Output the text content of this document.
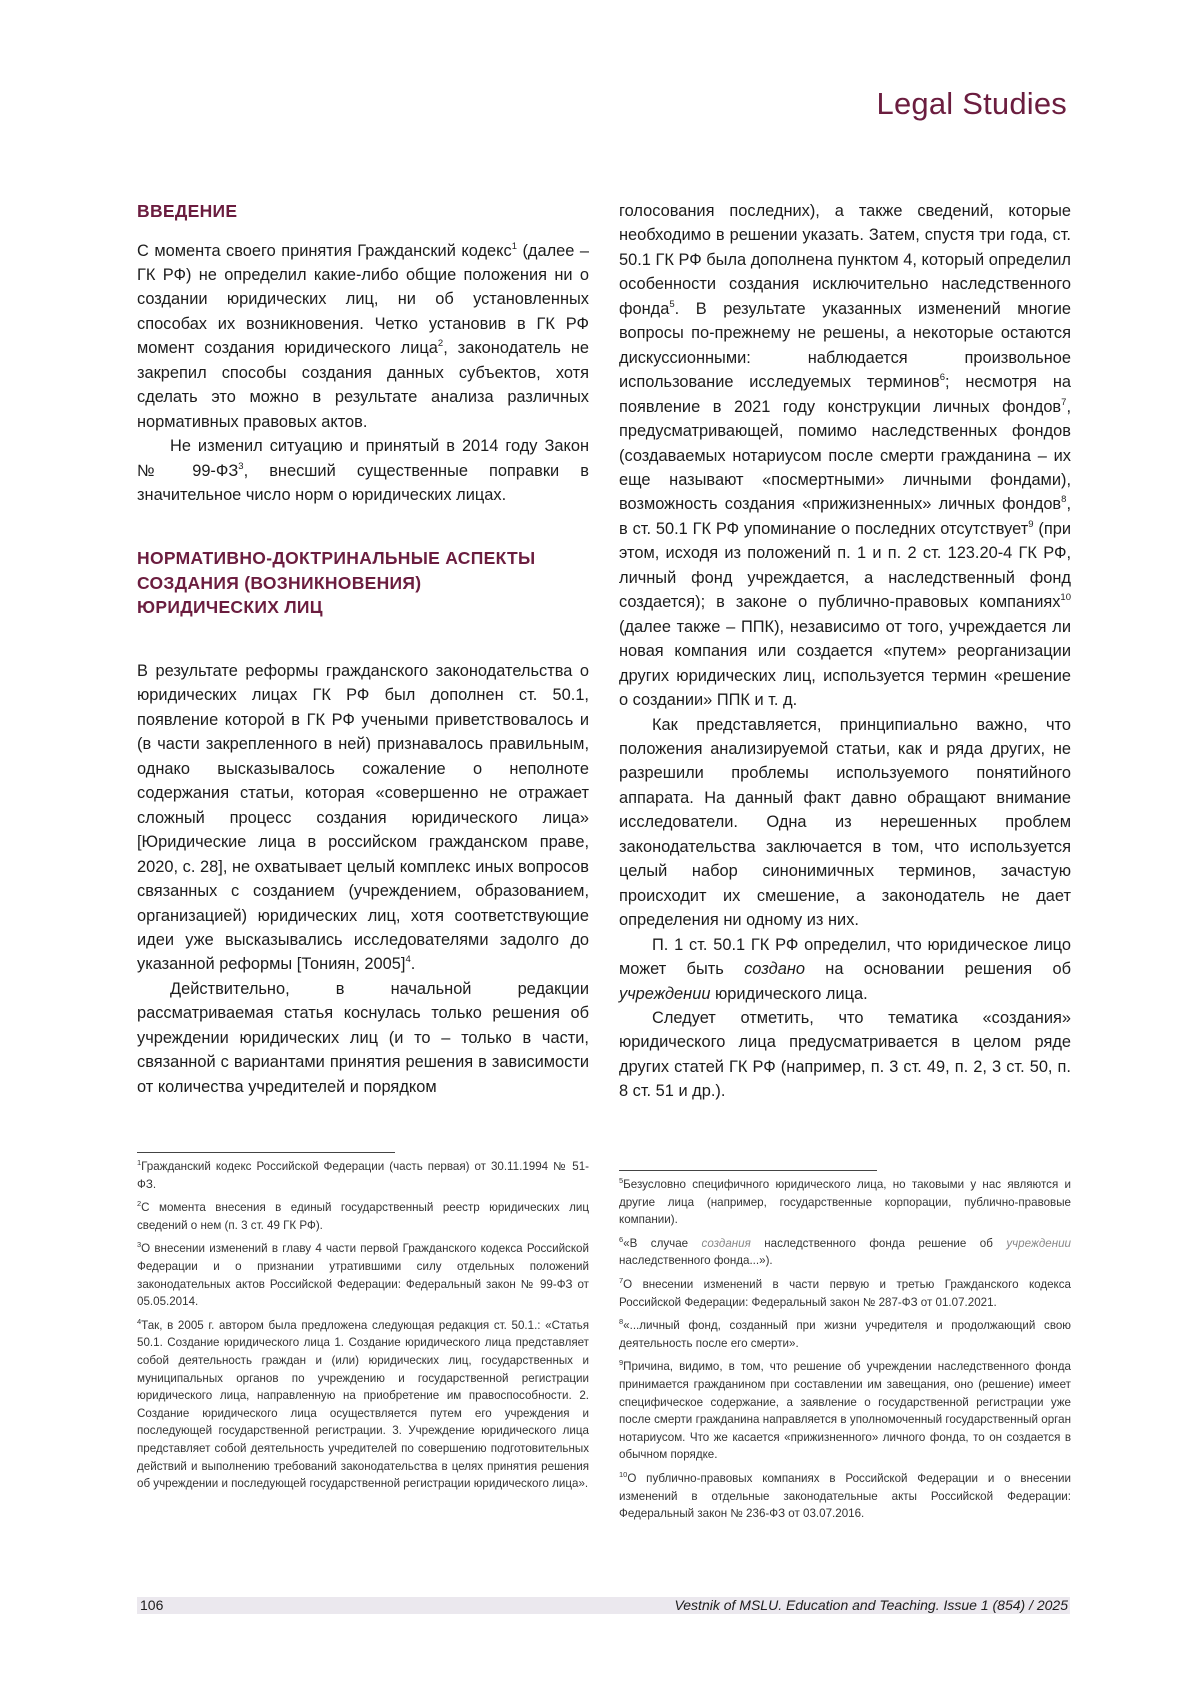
Legal Studies
ВВЕДЕНИЕ

С момента своего принятия Гражданский кодекс1 (далее – ГК РФ) не определил какие-либо общие положения ни о создании юридических лиц, ни об установленных способах их возникновения. Четко установив в ГК РФ момент создания юридического лица2, законодатель не закрепил способы создания данных субъектов, хотя сделать это можно в результате анализа различных нормативных правовых актов.

Не изменил ситуацию и принятый в 2014 году Закон № 99-ФЗ3, внесший существенные поправки в значительное число норм о юридических лицах.

НОРМАТИВНО-ДОКТРИНАЛЬНЫЕ АСПЕКТЫ СОЗДАНИЯ (ВОЗНИКНОВЕНИЯ) ЮРИДИЧЕСКИХ ЛИЦ

В результате реформы гражданского законодательства о юридических лицах ГК РФ был дополнен ст. 50.1, появление которой в ГК РФ учеными приветствовалось и (в части закрепленного в ней) признавалось правильным, однако высказывалось сожаление о неполноте содержания статьи, которая «совершенно не отражает сложный процесс создания юридического лица» [Юридические лица в российском гражданском праве, 2020, с. 28], не охватывает целый комплекс иных вопросов связанных с созданием (учреждением, образованием, организацией) юридических лиц, хотя соответствующие идеи уже высказывались исследователями задолго до указанной реформы [Тониян, 2005]4.

Действительно, в начальной редакции рассматриваемая статья коснулась только решения об учреждении юридических лиц (и то – только в части, связанной с вариантами принятия решения в зависимости от количества учредителей и порядком

1Гражданский кодекс Российской Федерации (часть первая) от 30.11.1994 № 51-ФЗ.

2С момента внесения в единый государственный реестр юридических лиц сведений о нем (п. 3 ст. 49 ГК РФ).

3О внесении изменений в главу 4 части первой Гражданского кодекса Российской Федерации и о признании утратившими силу отдельных положений законодательных актов Российской Федерации: Федеральный закон № 99-ФЗ от 05.05.2014.

4Так, в 2005 г. автором была предложена следующая редакция ст. 50.1.: «Статья 50.1. Создание юридического лица 1. Создание юридического лица представляет собой деятельность граждан и (или) юридических лиц, государственных и муниципальных органов по учреждению и государственной регистрации юридического лица, направленную на приобретение им правоспособности. 2. Создание юридического лица осуществляется путем его учреждения и последующей государственной регистрации. 3. Учреждение юридического лица представляет собой деятельность учредителей по совершению подготовительных действий и выполнению требований законодательства в целях принятия решения об учреждении и последующей государственной регистрации юридического лица».

голосования последних), а также сведений, которые необходимо в решении указать. Затем, спустя три года, ст. 50.1 ГК РФ была дополнена пунктом 4, который определил особенности создания исключительно наследственного фонда5. В результате указанных изменений многие вопросы по-прежнему не решены, а некоторые остаются дискуссионными: наблюдается произвольное использование исследуемых терминов6; несмотря на появление в 2021 году конструкции личных фондов7, предусматривающей, помимо наследственных фондов (создаваемых нотариусом после смерти гражданина – их еще называют «посмертными» личными фондами), возможность создания «прижизненных» личных фондов8, в ст. 50.1 ГК РФ упоминание о последних отсутствует9 (при этом, исходя из положений п. 1 и п. 2 ст. 123.20-4 ГК РФ, личный фонд учреждается, а наследственный фонд создается); в законе о публично-правовых компаниях10 (далее также – ППК), независимо от того, учреждается ли новая компания или создается «путем» реорганизации других юридических лиц, используется термин «решение о создании» ППК и т. д.

Как представляется, принципиально важно, что положения анализируемой статьи, как и ряда других, не разрешили проблемы используемого понятийного аппарата. На данный факт давно обращают внимание исследователи. Одна из нерешенных проблем законодательства заключается в том, что используется целый набор синонимичных терминов, зачастую происходит их смешение, а законодатель не дает определения ни одному из них.

П. 1 ст. 50.1 ГК РФ определил, что юридическое лицо может быть создано на основании решения об учреждении юридического лица.

Следует отметить, что тематика «создания» юридического лица предусматривается в целом ряде других статей ГК РФ (например, п. 3 ст. 49, п. 2, 3 ст. 50, п. 8 ст. 51 и др.).

5Безусловно специфичного юридического лица, но таковыми у нас являются и другие лица (например, государственные корпорации, публично-правовые компании).

6«В случае создания наследственного фонда решение об учреждении наследственного фонда...»).

7О внесении изменений в части первую и третью Гражданского кодекса Российской Федерации: Федеральный закон № 287-ФЗ от 01.07.2021.

8«...личный фонд, созданный при жизни учредителя и продолжающий свою деятельность после его смерти».

9Причина, видимо, в том, что решение об учреждении наследственного фонда принимается гражданином при составлении им завещания, оно (решение) имеет специфическое содержание, а заявление о государственной регистрации уже после смерти гражданина направляется в уполномоченный государственный орган нотариусом. Что же касается «прижизненного» личного фонда, то он создается в обычном порядке.

10О публично-правовых компаниях в Российской Федерации и о внесении изменений в отдельные законодательные акты Российской Федерации: Федеральный закон № 236-ФЗ от 03.07.2016.

106	Vestnik of MSLU. Education and Teaching. Issue 1 (854) / 2025
